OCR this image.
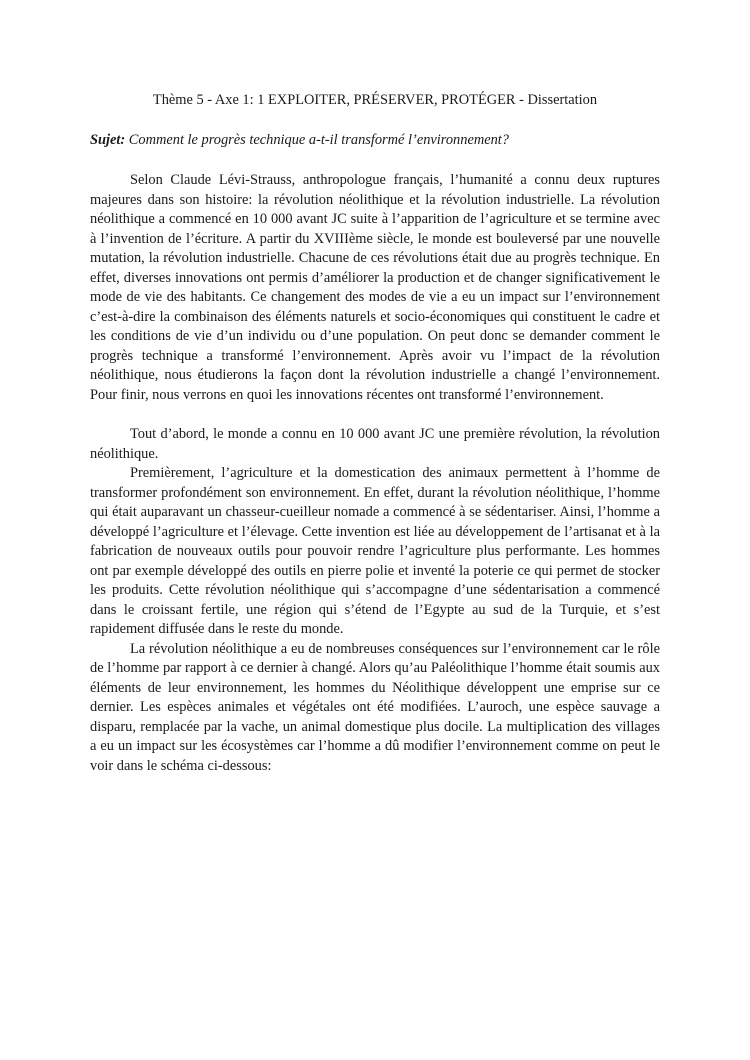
Thème 5 - Axe 1: 1 EXPLOITER, PRÉSERVER, PROTÉGER - Dissertation

Sujet: Comment le progrès technique a-t-il transformé l’environnement?

Selon Claude Lévi-Strauss, anthropologue français, l’humanité a connu deux ruptures majeures dans son histoire: la révolution néolithique et la révolution industrielle. La révolution néolithique a commencé en 10 000 avant JC suite à l’apparition de l’agriculture et se termine avec à l’invention de l’écriture. A partir du XVIIIème siècle, le monde est bouleversé par une nouvelle mutation, la révolution industrielle. Chacune de ces révolutions était due au progrès technique. En effet, diverses innovations ont permis d’améliorer la production et de changer significativement le mode de vie des habitants. Ce changement des modes de vie a eu un impact sur l’environnement c’est-à-dire la combinaison des éléments naturels et socio-économiques qui constituent le cadre et les conditions de vie d’un individu ou d’une population. On peut donc se demander comment le progrès technique a transformé l’environnement. Après avoir vu l’impact de la révolution néolithique, nous étudierons la façon dont la révolution industrielle a changé l’environnement. Pour finir, nous verrons en quoi les innovations récentes ont transformé l’environnement.

Tout d’abord, le monde a connu en 10 000 avant JC une première révolution, la révolution néolithique.

Premièrement, l’agriculture et la domestication des animaux permettent à l’homme de transformer profondément son environnement. En effet, durant la révolution néolithique, l’homme qui était auparavant un chasseur-cueilleur nomade a commencé à se sédentariser. Ainsi, l’homme a développé l’agriculture et l’élevage. Cette invention est liée au développement de l’artisanat et à la fabrication de nouveaux outils pour pouvoir rendre l’agriculture plus performante. Les hommes ont par exemple développé des outils en pierre polie et inventé la poterie ce qui permet de stocker les produits. Cette révolution néolithique qui s’accompagne d’une sédentarisation a commencé dans le croissant fertile, une région qui s’étend de l’Egypte au sud de la Turquie, et s’est rapidement diffusée dans le reste du monde.

La révolution néolithique a eu de nombreuses conséquences sur l’environnement car le rôle de l’homme par rapport à ce dernier à changé. Alors qu’au Paléolithique l’homme était soumis aux éléments de leur environnement, les hommes du Néolithique développent une emprise sur ce dernier. Les espèces animales et végétales ont été modifiées. L’auroch, une espèce sauvage a disparu, remplacée par la vache, un animal domestique plus docile. La multiplication des villages a eu un impact sur les écosystèmes car l’homme a dû modifier l’environnement comme on peut le voir dans le schéma ci-dessous:
